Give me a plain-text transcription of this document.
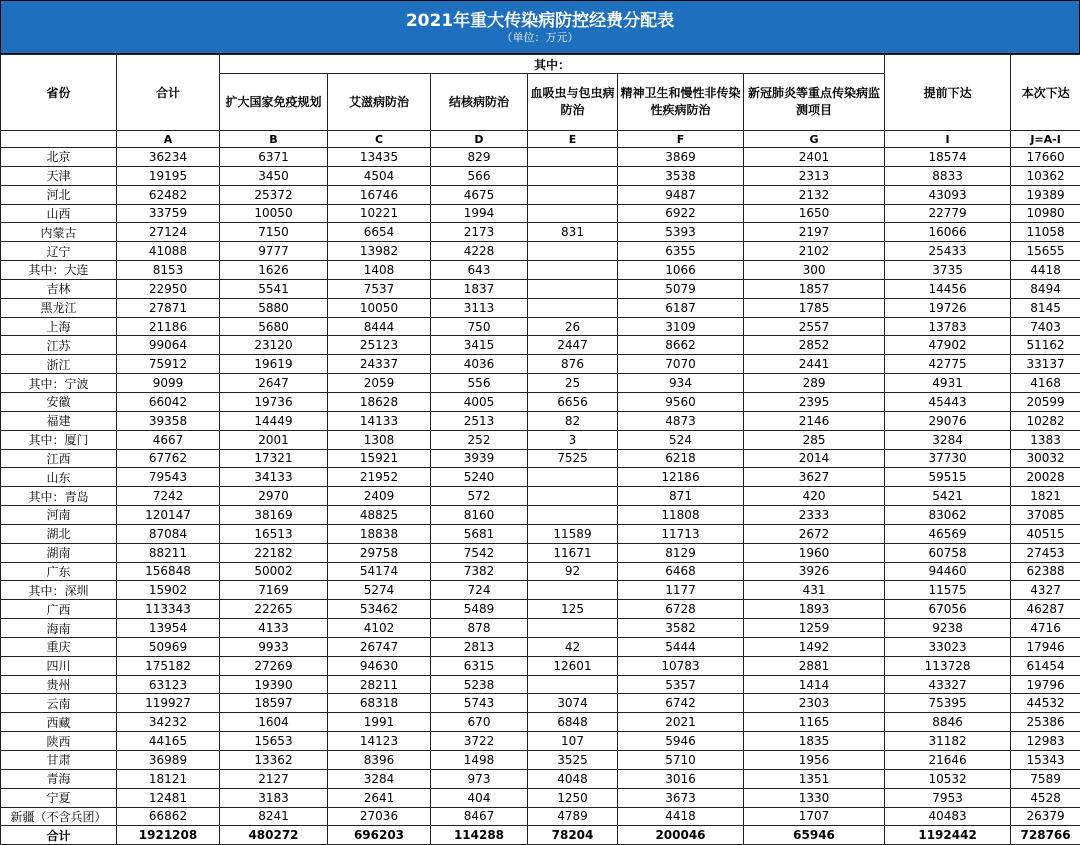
2021年重大传染病防控经费分配表
（单位：万元）
省份	合计	其中：						提前下达	本次下达
		扩大国家免疫规划	艾滋病防治	结核病防治	血吸虫与包虫病防治	精神卫生和慢性非传染性疾病防治	新冠肺炎等重点传染病监测项目		
	A	B	C	D	E	F	G	I	J=A-I
北京	36234	6371	13435	829		3869	2401	18574	17660
天津	19195	3450	4504	566		3538	2313	8833	10362
河北	62482	25372	16746	4675		9487	2132	43093	19389
山西	33759	10050	10221	1994		6922	1650	22779	10980
内蒙古	27124	7150	6654	2173	831	5393	2197	16066	11058
辽宁	41088	9777	13982	4228		6355	2102	25433	15655
其中：大连	8153	1626	1408	643		1066	300	3735	4418
吉林	22950	5541	7537	1837		5079	1857	14456	8494
黑龙江	27871	5880	10050	3113		6187	1785	19726	8145
上海	21186	5680	8444	750	26	3109	2557	13783	7403
江苏	99064	23120	25123	3415	2447	8662	2852	47902	51162
浙江	75912	19619	24337	4036	876	7070	2441	42775	33137
其中：宁波	9099	2647	2059	556	25	934	289	4931	4168
安徽	66042	19736	18628	4005	6656	9560	2395	45443	20599
福建	39358	14449	14133	2513	82	4873	2146	29076	10282
其中：厦门	4667	2001	1308	252	3	524	285	3284	1383
江西	67762	17321	15921	3939	7525	6218	2014	37730	30032
山东	79543	34133	21952	5240		12186	3627	59515	20028
其中：青岛	7242	2970	2409	572		871	420	5421	1821
河南	120147	38169	48825	8160		11808	2333	83062	37085
湖北	87084	16513	18838	5681	11589	11713	2672	46569	40515
湖南	88211	22182	29758	7542	11671	8129	1960	60758	27453
广东	156848	50002	54174	7382	92	6468	3926	94460	62388
其中：深圳	15902	7169	5274	724		1177	431	11575	4327
广西	113343	22265	53462	5489	125	6728	1893	67056	46287
海南	13954	4133	4102	878		3582	1259	9238	4716
重庆	50969	9933	26747	2813	42	5444	1492	33023	17946
四川	175182	27269	94630	6315	12601	10783	2881	113728	61454
贵州	63123	19390	28211	5238		5357	1414	43327	19796
云南	119927	18597	68318	5743	3074	6742	2303	75395	44532
西藏	34232	1604	1991	670	6848	2021	1165	8846	25386
陕西	44165	15653	14123	3722	107	5946	1835	31182	12983
甘肃	36989	13362	8396	1498	3525	5710	1956	21646	15343
青海	18121	2127	3284	973	4048	3016	1351	10532	7589
宁夏	12481	3183	2641	404	1250	3673	1330	7953	4528
新疆（不含兵团）	66862	8241	27036	8467	4789	4418	1707	40483	26379
合计	1921208	480272	696203	114288	78204	200046	65946	1192442	728766
